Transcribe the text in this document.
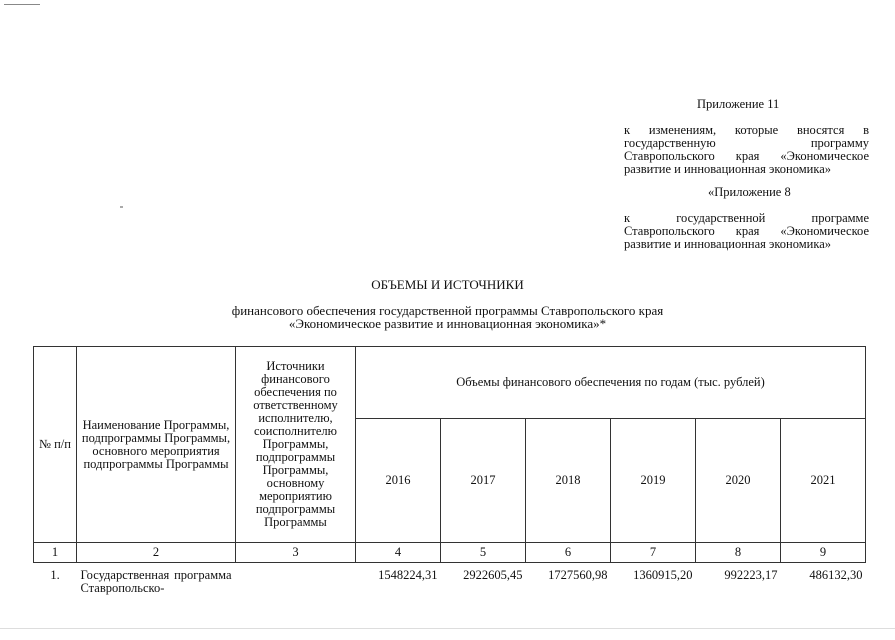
Приложение 11
к изменениям, которые вносятся в государственную программу Ставропольского края «Экономическое развитие и инновационная экономика»
«Приложение 8
к государственной программе Ставропольского края «Экономическое развитие и инновационная экономика»
ОБЪЕМЫ И ИСТОЧНИКИ
финансового обеспечения государственной программы Ставропольского края
«Экономическое развитие и инновационная экономика»*
№ п/п	Наименование Программы, подпрограммы Программы, основного мероприятия подпрограммы Программы	Источники финансового обеспечения по ответственному исполнителю, соисполнителю Программы, подпрограммы Программы, основному мероприятию подпрограммы Программы	Объемы финансового обеспечения по годам (тыс. рублей)					
			2016	2017	2018	2019	2020	2021
1	2	3	4	5	6	7	8	9
1.	Государственная программа Ставропольско-		1548224,31	2922605,45	1727560,98	1360915,20	992223,17	486132,30
